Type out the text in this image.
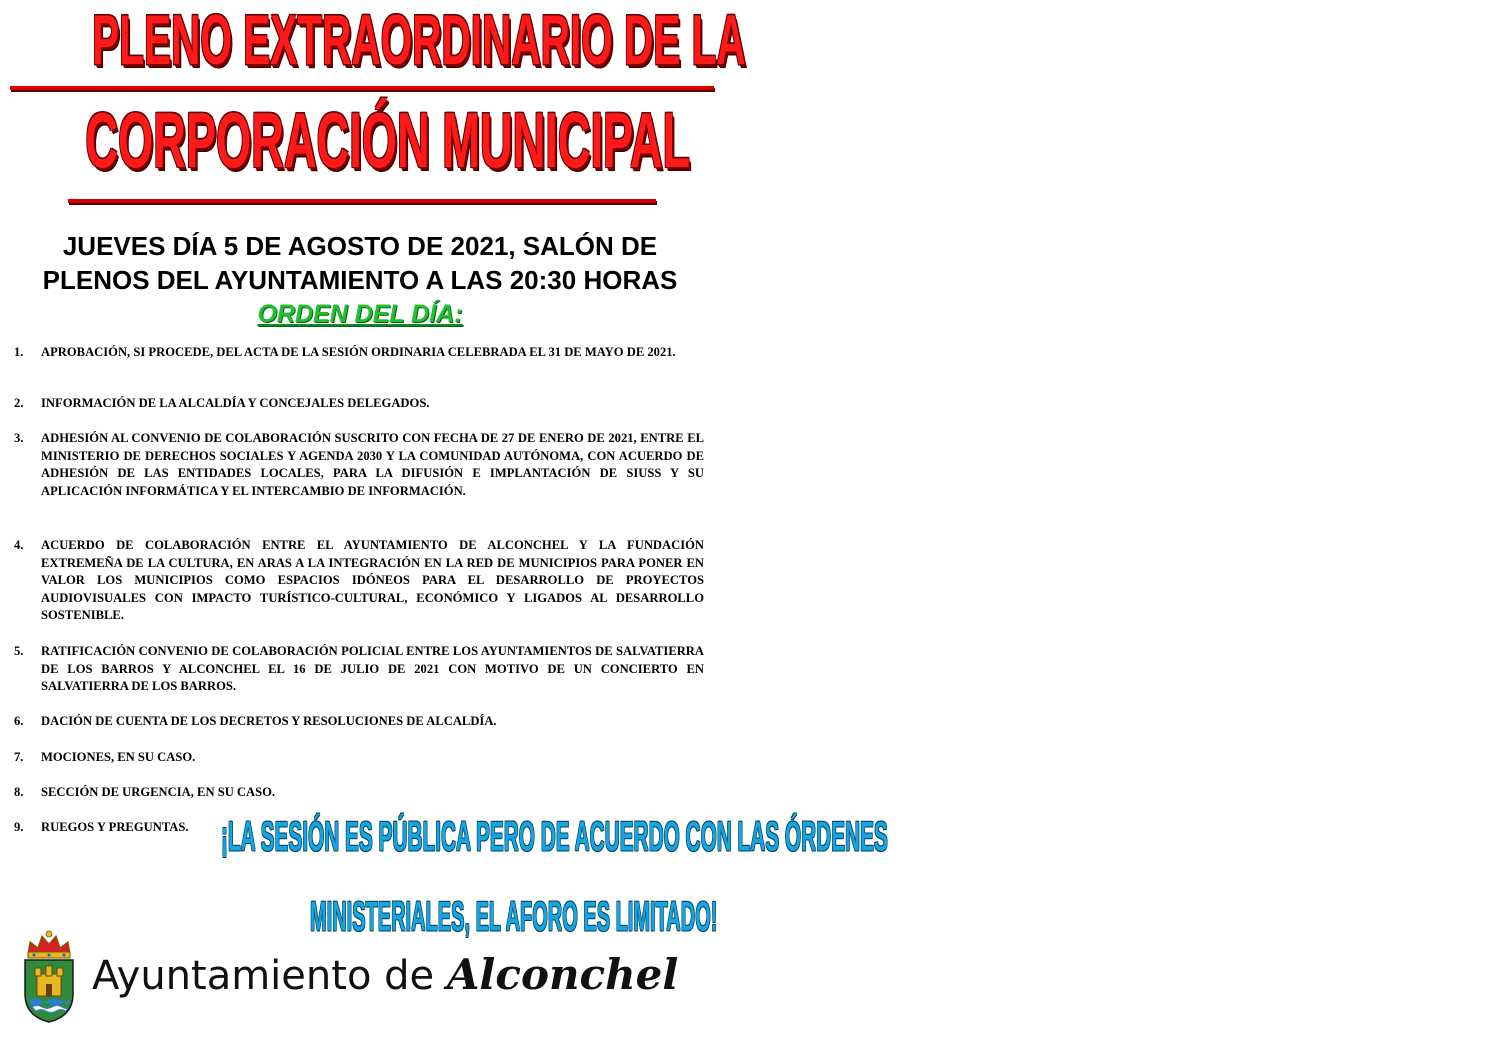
PLENO EXTRAORDINARIO DE LA
CORPORACIÓN MUNICIPAL
JUEVES DÍA 5 DE AGOSTO DE 2021, SALÓN DE
PLENOS DEL AYUNTAMIENTO A LAS 20:30 HORAS
ORDEN DEL DÍA:
1.	APROBACIÓN, SI PROCEDE, DEL ACTA DE LA SESIÓN ORDINARIA CELEBRADA EL 31 DE MAYO DE 2021.
2.	INFORMACIÓN DE LA ALCALDÍA Y CONCEJALES DELEGADOS.
3.	ADHESIÓN AL CONVENIO DE COLABORACIÓN SUSCRITO CON FECHA DE 27 DE ENERO DE 2021, ENTRE EL MINISTERIO DE DERECHOS SOCIALES Y AGENDA 2030 Y LA COMUNIDAD AUTÓNOMA, CON ACUERDO DE ADHESIÓN DE LAS ENTIDADES LOCALES, PARA LA DIFUSIÓN E IMPLANTACIÓN DE SIUSS Y SU APLICACIÓN INFORMÁTICA Y EL INTERCAMBIO DE INFORMACIÓN.
4.	ACUERDO DE COLABORACIÓN ENTRE EL AYUNTAMIENTO DE ALCONCHEL Y LA FUNDACIÓN EXTREMEÑA DE LA CULTURA, EN ARAS A LA INTEGRACIÓN EN LA RED DE MUNICIPIOS PARA PONER EN VALOR LOS MUNICIPIOS COMO ESPACIOS IDÓNEOS PARA EL DESARROLLO DE PROYECTOS AUDIOVISUALES CON IMPACTO TURÍSTICO-CULTURAL, ECONÓMICO Y LIGADOS AL DESARROLLO SOSTENIBLE.
5.	RATIFICACIÓN CONVENIO DE COLABORACIÓN POLICIAL ENTRE LOS AYUNTAMIENTOS DE SALVATIERRA DE LOS BARROS Y ALCONCHEL EL 16 DE JULIO DE 2021 CON MOTIVO DE UN CONCIERTO EN SALVATIERRA DE LOS BARROS.
6.	DACIÓN DE CUENTA DE LOS DECRETOS Y RESOLUCIONES DE ALCALDÍA.
7.	MOCIONES, EN SU CASO.
8.	SECCIÓN DE URGENCIA, EN SU CASO.
9.	RUEGOS Y PREGUNTAS. ¡LA SESIÓN ES PÚBLICA PERO DE ACUERDO CON LAS ÓRDENES
MINISTERIALES, EL AFORO ES LIMITADO!
Ayuntamiento de Alconchel
